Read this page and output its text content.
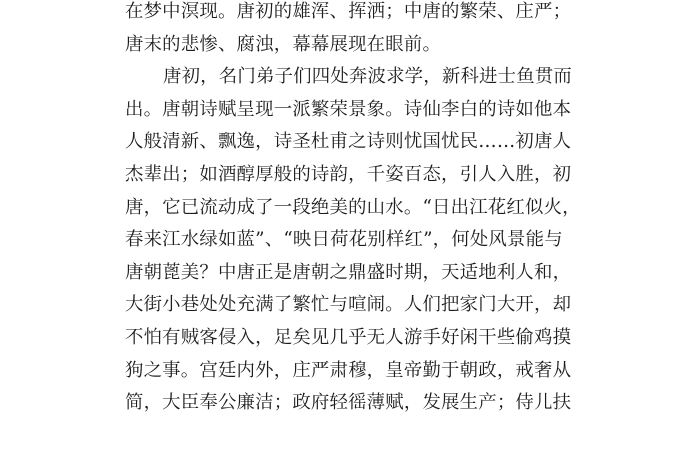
在梦中溟现。唐初的雄浑、挥洒；中唐的繁荣、庄严；
唐末的悲惨、腐浊，幕幕展现在眼前。
唐初，名门弟子们四处奔波求学，新科进士鱼贯而
出。唐朝诗赋呈现一派繁荣景象。诗仙李白的诗如他本
人般清新、飘逸，诗圣杜甫之诗则忧国忧民……初唐人
杰辈出；如酒醇厚般的诗韵，千姿百态，引人入胜，初
唐，它已流动成了一段绝美的山水。“日出江花红似火，
春来江水绿如蓝”、“映日荷花别样红”，何处风景能与
唐朝蓖美？中唐正是唐朝之鼎盛时期，天适地利人和，
大街小巷处处充满了繁忙与喧闹。人们把家门大开，却
不怕有贼客侵入，足矣见几乎无人游手好闲干些偷鸡摸
狗之事。宫廷内外，庄严肃穆，皇帝勤于朝政，戒奢从
简，大臣奉公廉洁；政府轻徭薄赋，发展生产；侍儿扶
